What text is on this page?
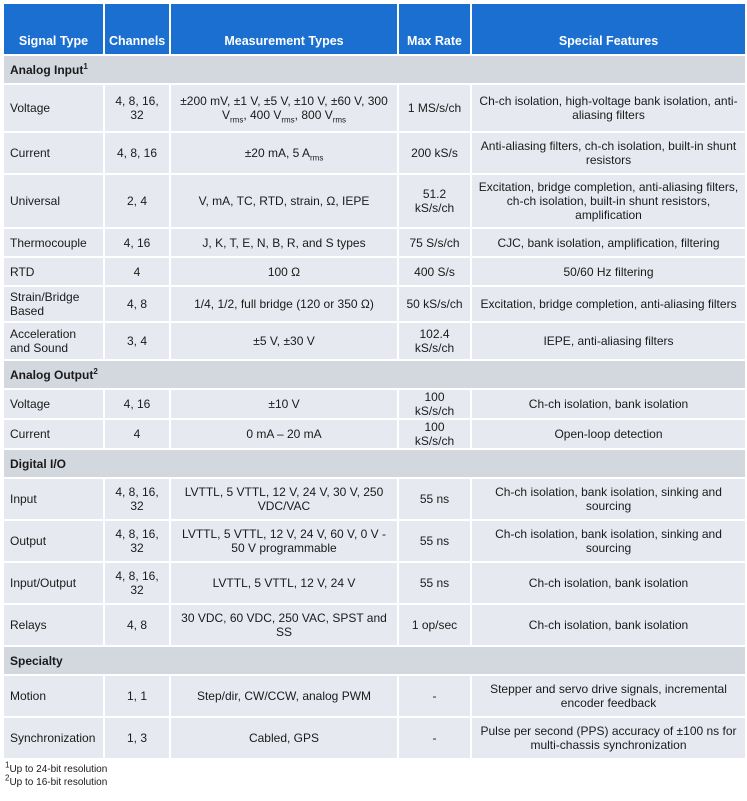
Signal Type	Channels	Measurement Types	Max Rate	Special Features
Analog Input$^1$
Voltage	4, 8, 16, 32	±200 mV, ±1 V, ±5 V, ±10 V, ±60 V, 300 $V_{rms}$, 400 $V_{rms}$, 800 $V_{rms}$	1 MS/s/ch	Ch-ch isolation, high-voltage bank isolation, anti-aliasing filters
Current	4, 8, 16	±20 mA, 5 $A_{rms}$	200 kS/s	Anti-aliasing filters, ch-ch isolation, built-in shunt resistors
Universal	2, 4	V, mA, TC, RTD, strain, Ω, IEPE	51.2 kS/s/ch	Excitation, bridge completion, anti-aliasing filters, ch-ch isolation, built-in shunt resistors, amplification
Thermocouple	4, 16	J, K, T, E, N, B, R, and S types	75 S/s/ch	CJC, bank isolation, amplification, filtering
RTD	4	100 Ω	400 S/s	50/60 Hz filtering
Strain/Bridge Based	4, 8	1/4, 1/2, full bridge (120 or 350 Ω)	50 kS/s/ch	Excitation, bridge completion, anti-aliasing filters
Acceleration and Sound	3, 4	±5 V, ±30 V	102.4 kS/s/ch	IEPE, anti-aliasing filters
Analog Output$^2$
Voltage	4, 16	±10 V	100 kS/s/ch	Ch-ch isolation, bank isolation
Current	4	0 mA – 20 mA	100 kS/s/ch	Open-loop detection
Digital I/O				
Input	4, 8, 16, 32	LVTTL, 5 VTTL, 12 V, 24 V, 30 V, 250 VDC/VAC	55 ns	Ch-ch isolation, bank isolation, sinking and sourcing
Output	4, 8, 16, 32	LVTTL, 5 VTTL, 12 V, 24 V, 60 V, 0 V - 50 V programmable	55 ns	Ch-ch isolation, bank isolation, sinking and sourcing
Input/Output	4, 8, 16, 32	LVTTL, 5 VTTL, 12 V, 24 V	55 ns	Ch-ch isolation, bank isolation
Relays	4, 8	30 VDC, 60 VDC, 250 VAC, SPST and SS	1 op/sec	Ch-ch isolation, bank isolation
Specialty				
Motion	1, 1	Step/dir, CW/CCW, analog PWM	-	Stepper and servo drive signals, incremental encoder feedback
Synchronization	1, 3	Cabled, GPS	-	Pulse per second (PPS) accuracy of ±100 ns for multi-chassis synchronization
$^1$Up to 24-bit resolution
$^2$Up to 16-bit resolution
